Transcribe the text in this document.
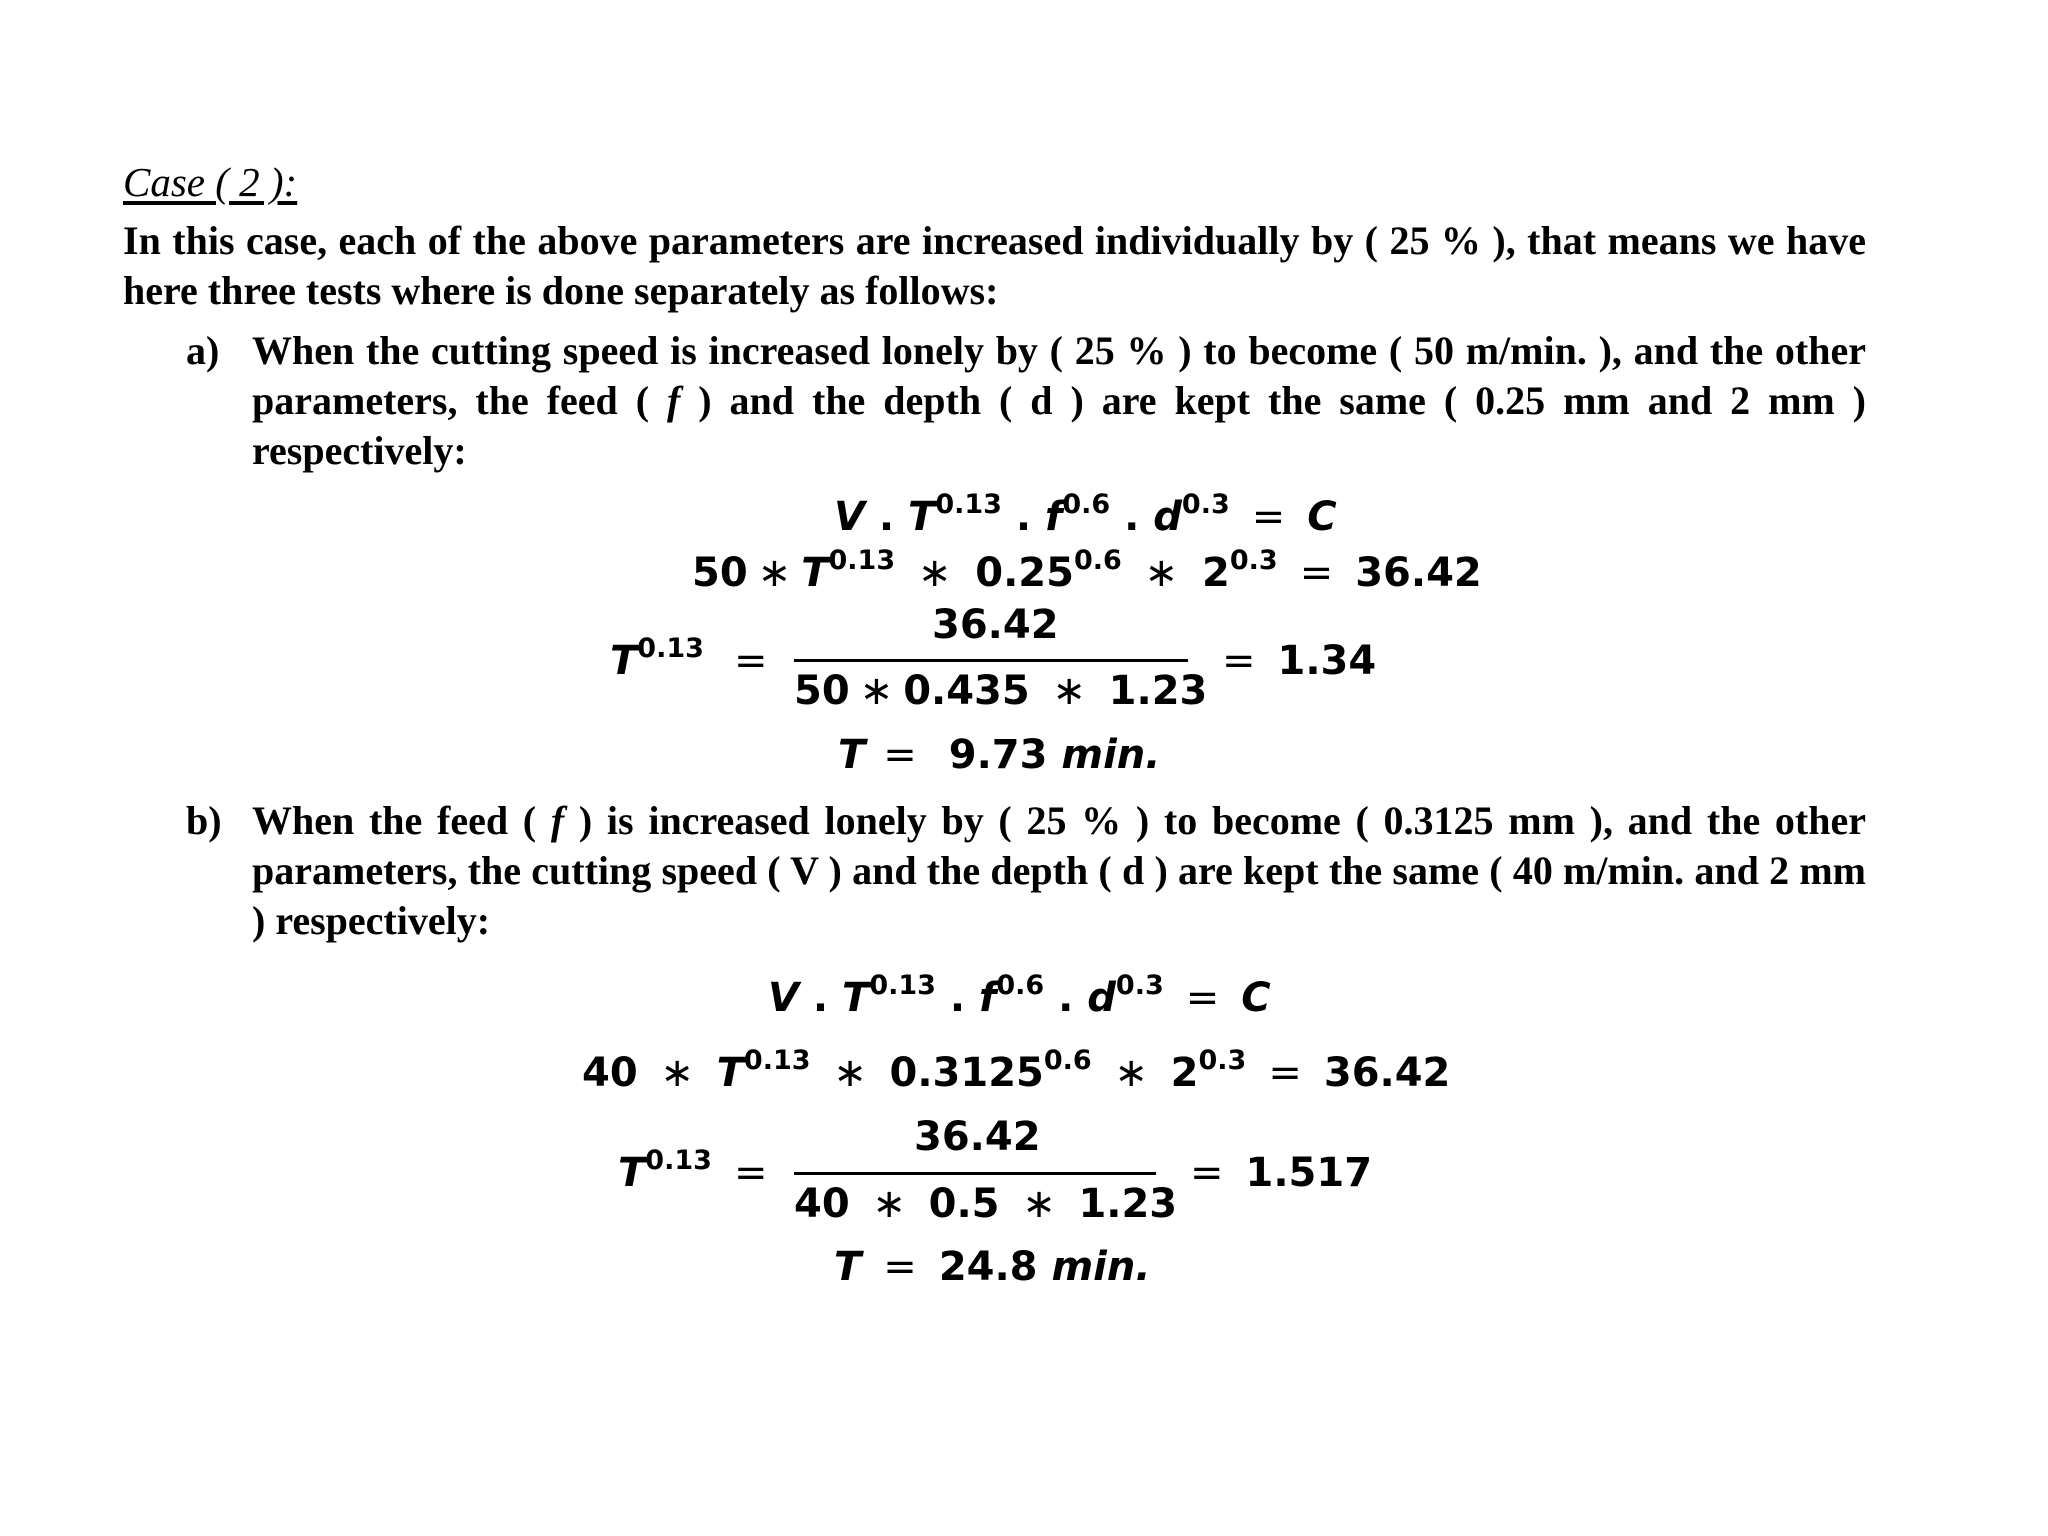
Case ( 2 ):
In this case, each of the above parameters are increased individually by ( 25 % ), that means we have here three tests where is done separately as follows:
a) When the cutting speed is increased lonely by ( 25 % ) to become ( 50 m/min. ), and the other parameters, the feed ( f ) and the depth ( d ) are kept the same ( 0.25 mm and 2 mm ) respectively:
V . $T^{0.13}$ . $f^{0.6}$ . $d^{0.3} = C$
50 ∗ $T^{0.13}$ ∗ $0.25^{0.6}$ ∗ $2^{0.3} = 36.42$
$T^{0.13}$ =
36.42
50 ∗ 0.435 ∗ 1.23
= 1.34
T = 9.73 min.
b) When the feed ( f ) is increased lonely by ( 25 % ) to become ( 0.3125 mm ), and the other parameters, the cutting speed ( V ) and the depth ( d ) are kept the same ( 40 m/min. and 2 mm ) respectively:
V . $T^{0.13}$ . $f^{0.6}$ . $d^{0.3} = C$
40 ∗ $T^{0.13}$ ∗ $0.3125^{0.6}$ ∗ $2^{0.3} = 36.42$
$T^{0.13}$ =
36.42
40 ∗ 0.5 ∗ 1.23
= 1.517
T = 24.8 min.
